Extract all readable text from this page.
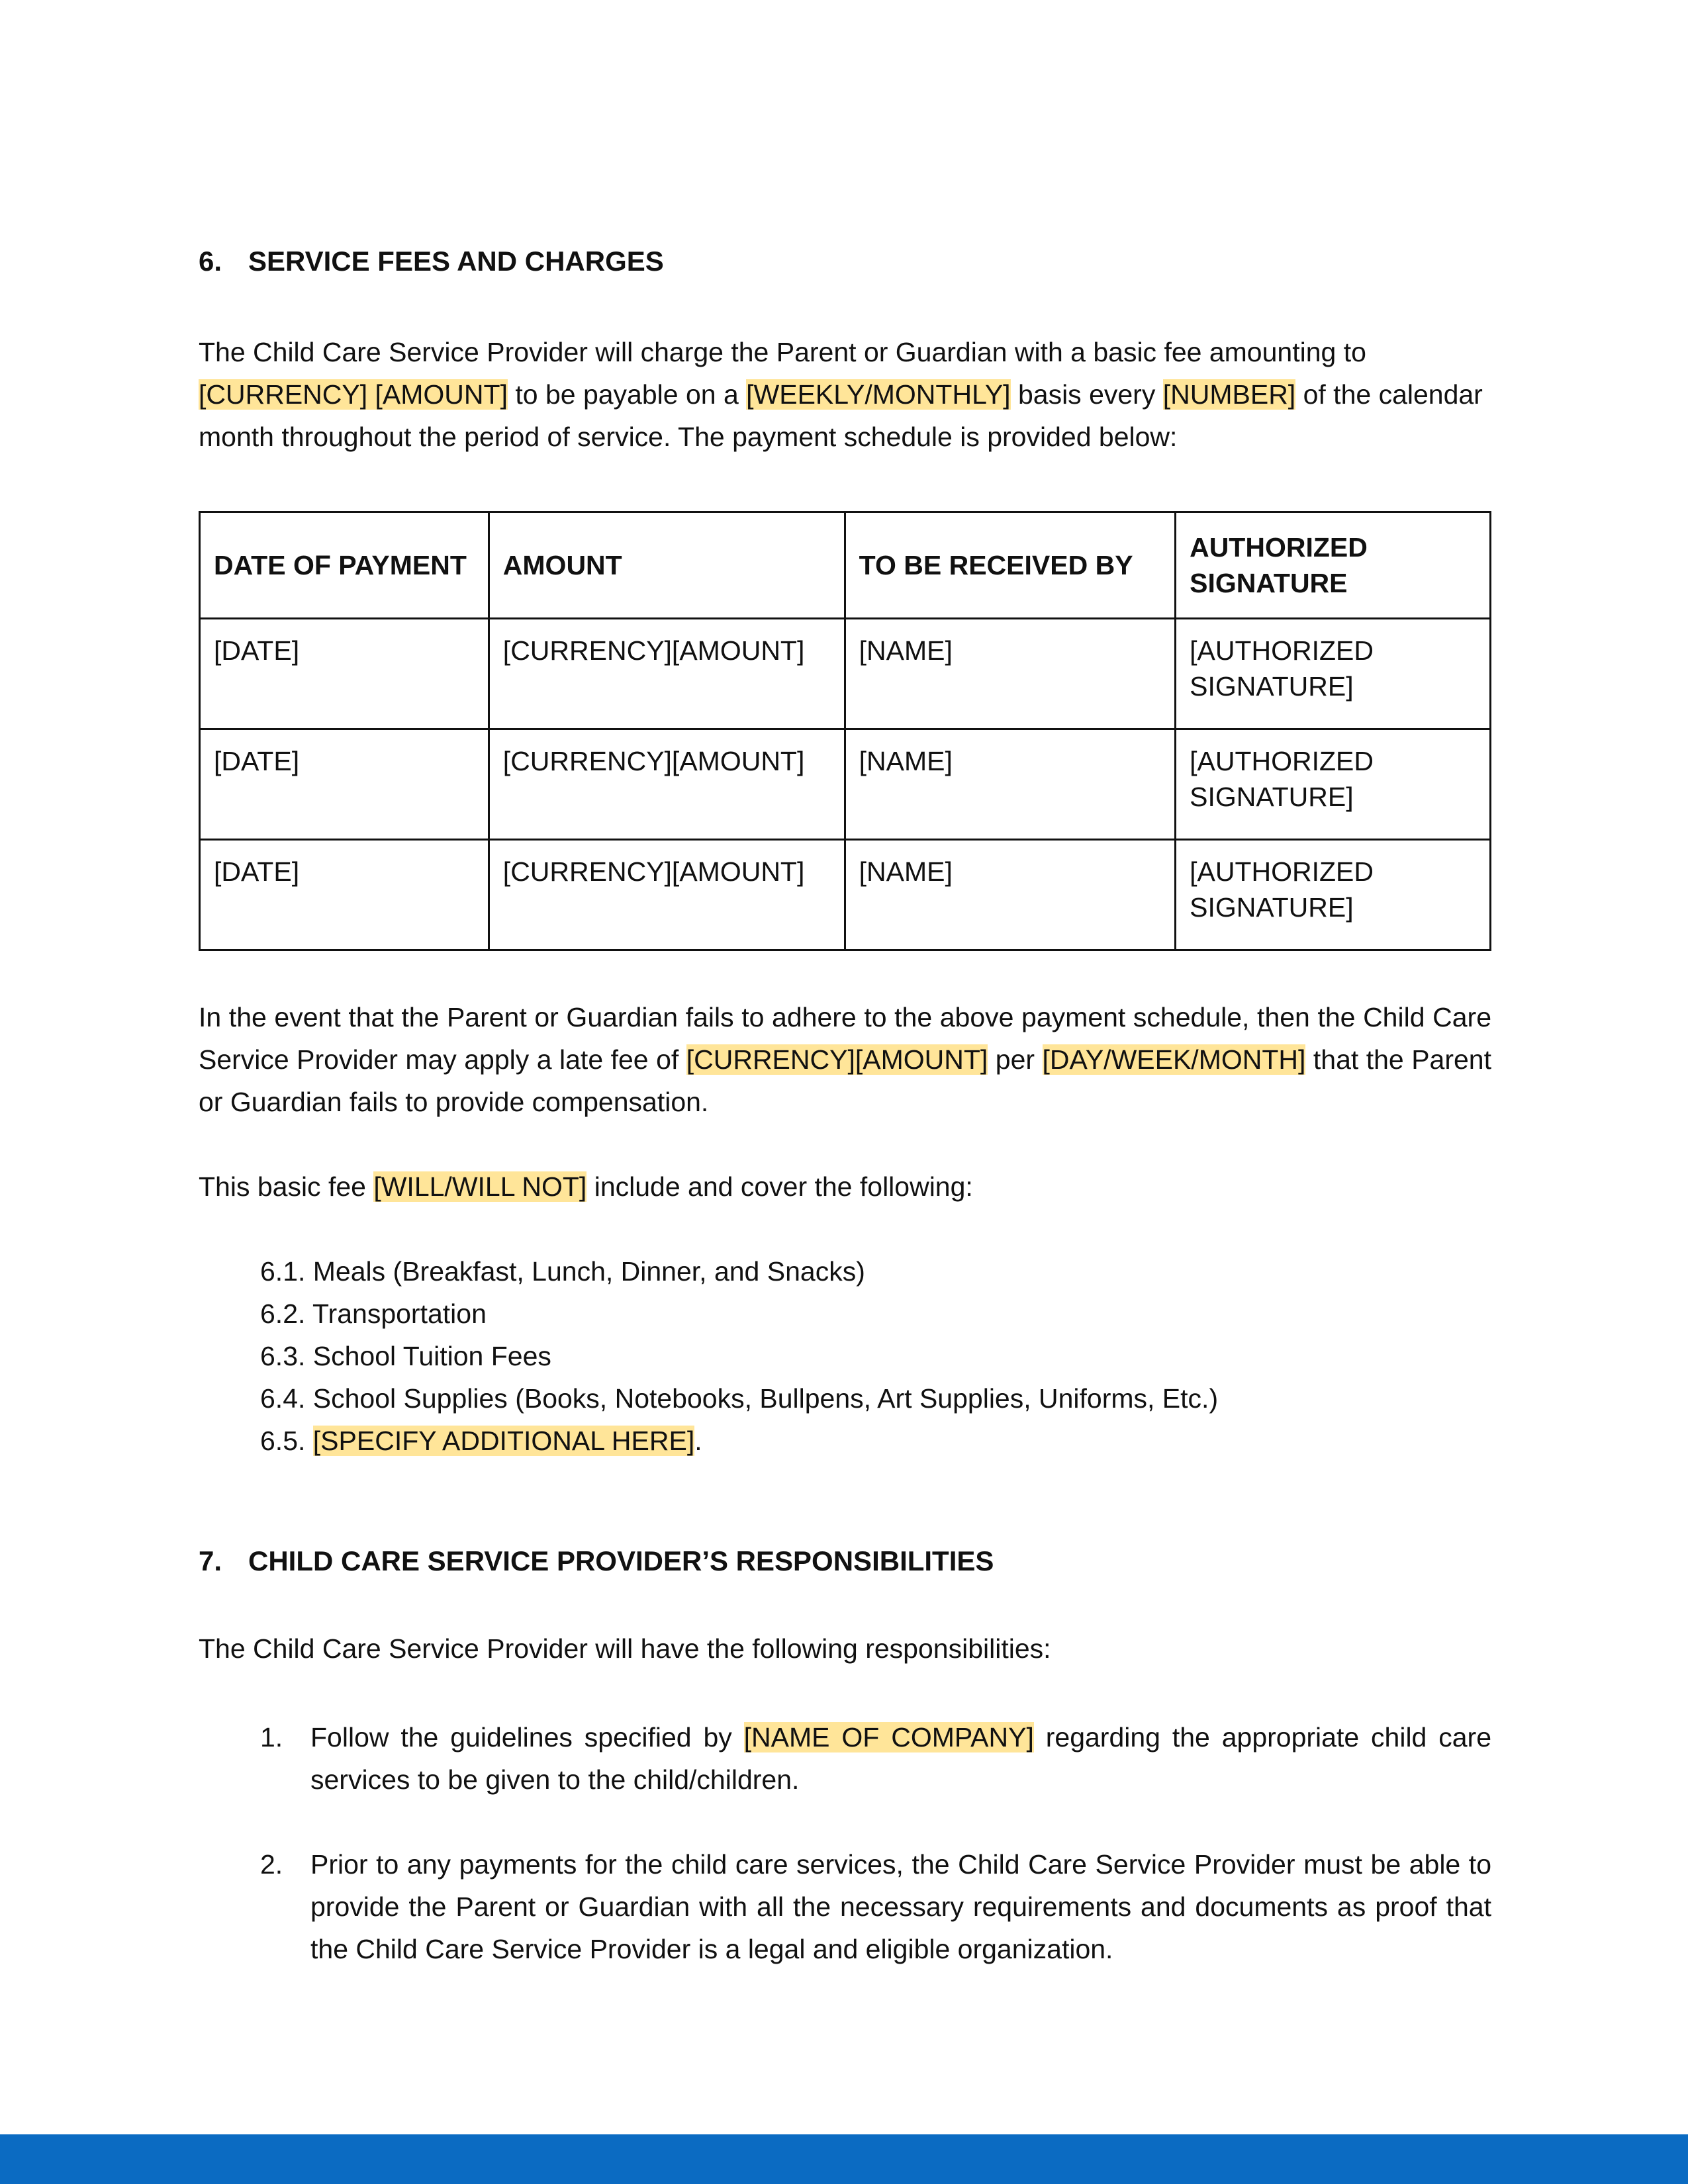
6. SERVICE FEES AND CHARGES

The Child Care Service Provider will charge the Parent or Guardian with a basic fee amounting to [CURRENCY] [AMOUNT] to be payable on a [WEEKLY/MONTHLY] basis every [NUMBER] of the calendar month throughout the period of service. The payment schedule is provided below:

DATE OF PAYMENT	AMOUNT	TO BE RECEIVED BY	AUTHORIZED SIGNATURE
[DATE]	[CURRENCY][AMOUNT]	[NAME]	[AUTHORIZED SIGNATURE]
[DATE]	[CURRENCY][AMOUNT]	[NAME]	[AUTHORIZED SIGNATURE]
[DATE]	[CURRENCY][AMOUNT]	[NAME]	[AUTHORIZED SIGNATURE]

In the event that the Parent or Guardian fails to adhere to the above payment schedule, then the Child Care Service Provider may apply a late fee of [CURRENCY][AMOUNT] per [DAY/WEEK/MONTH] that the Parent or Guardian fails to provide compensation.

This basic fee [WILL/WILL NOT] include and cover the following:

6.1. Meals (Breakfast, Lunch, Dinner, and Snacks)
6.2. Transportation
6.3. School Tuition Fees
6.4. School Supplies (Books, Notebooks, Bullpens, Art Supplies, Uniforms, Etc.)
6.5. [SPECIFY ADDITIONAL HERE].
7. CHILD CARE SERVICE PROVIDER’S RESPONSIBILITIES

The Child Care Service Provider will have the following responsibilities:

1.	Follow the guidelines specified by [NAME OF COMPANY] regarding the appropriate child care services to be given to the child/children.
2.	Prior to any payments for the child care services, the Child Care Service Provider must be able to provide the Parent or Guardian with all the necessary requirements and documents as proof that the Child Care Service Provider is a legal and eligible organization.
